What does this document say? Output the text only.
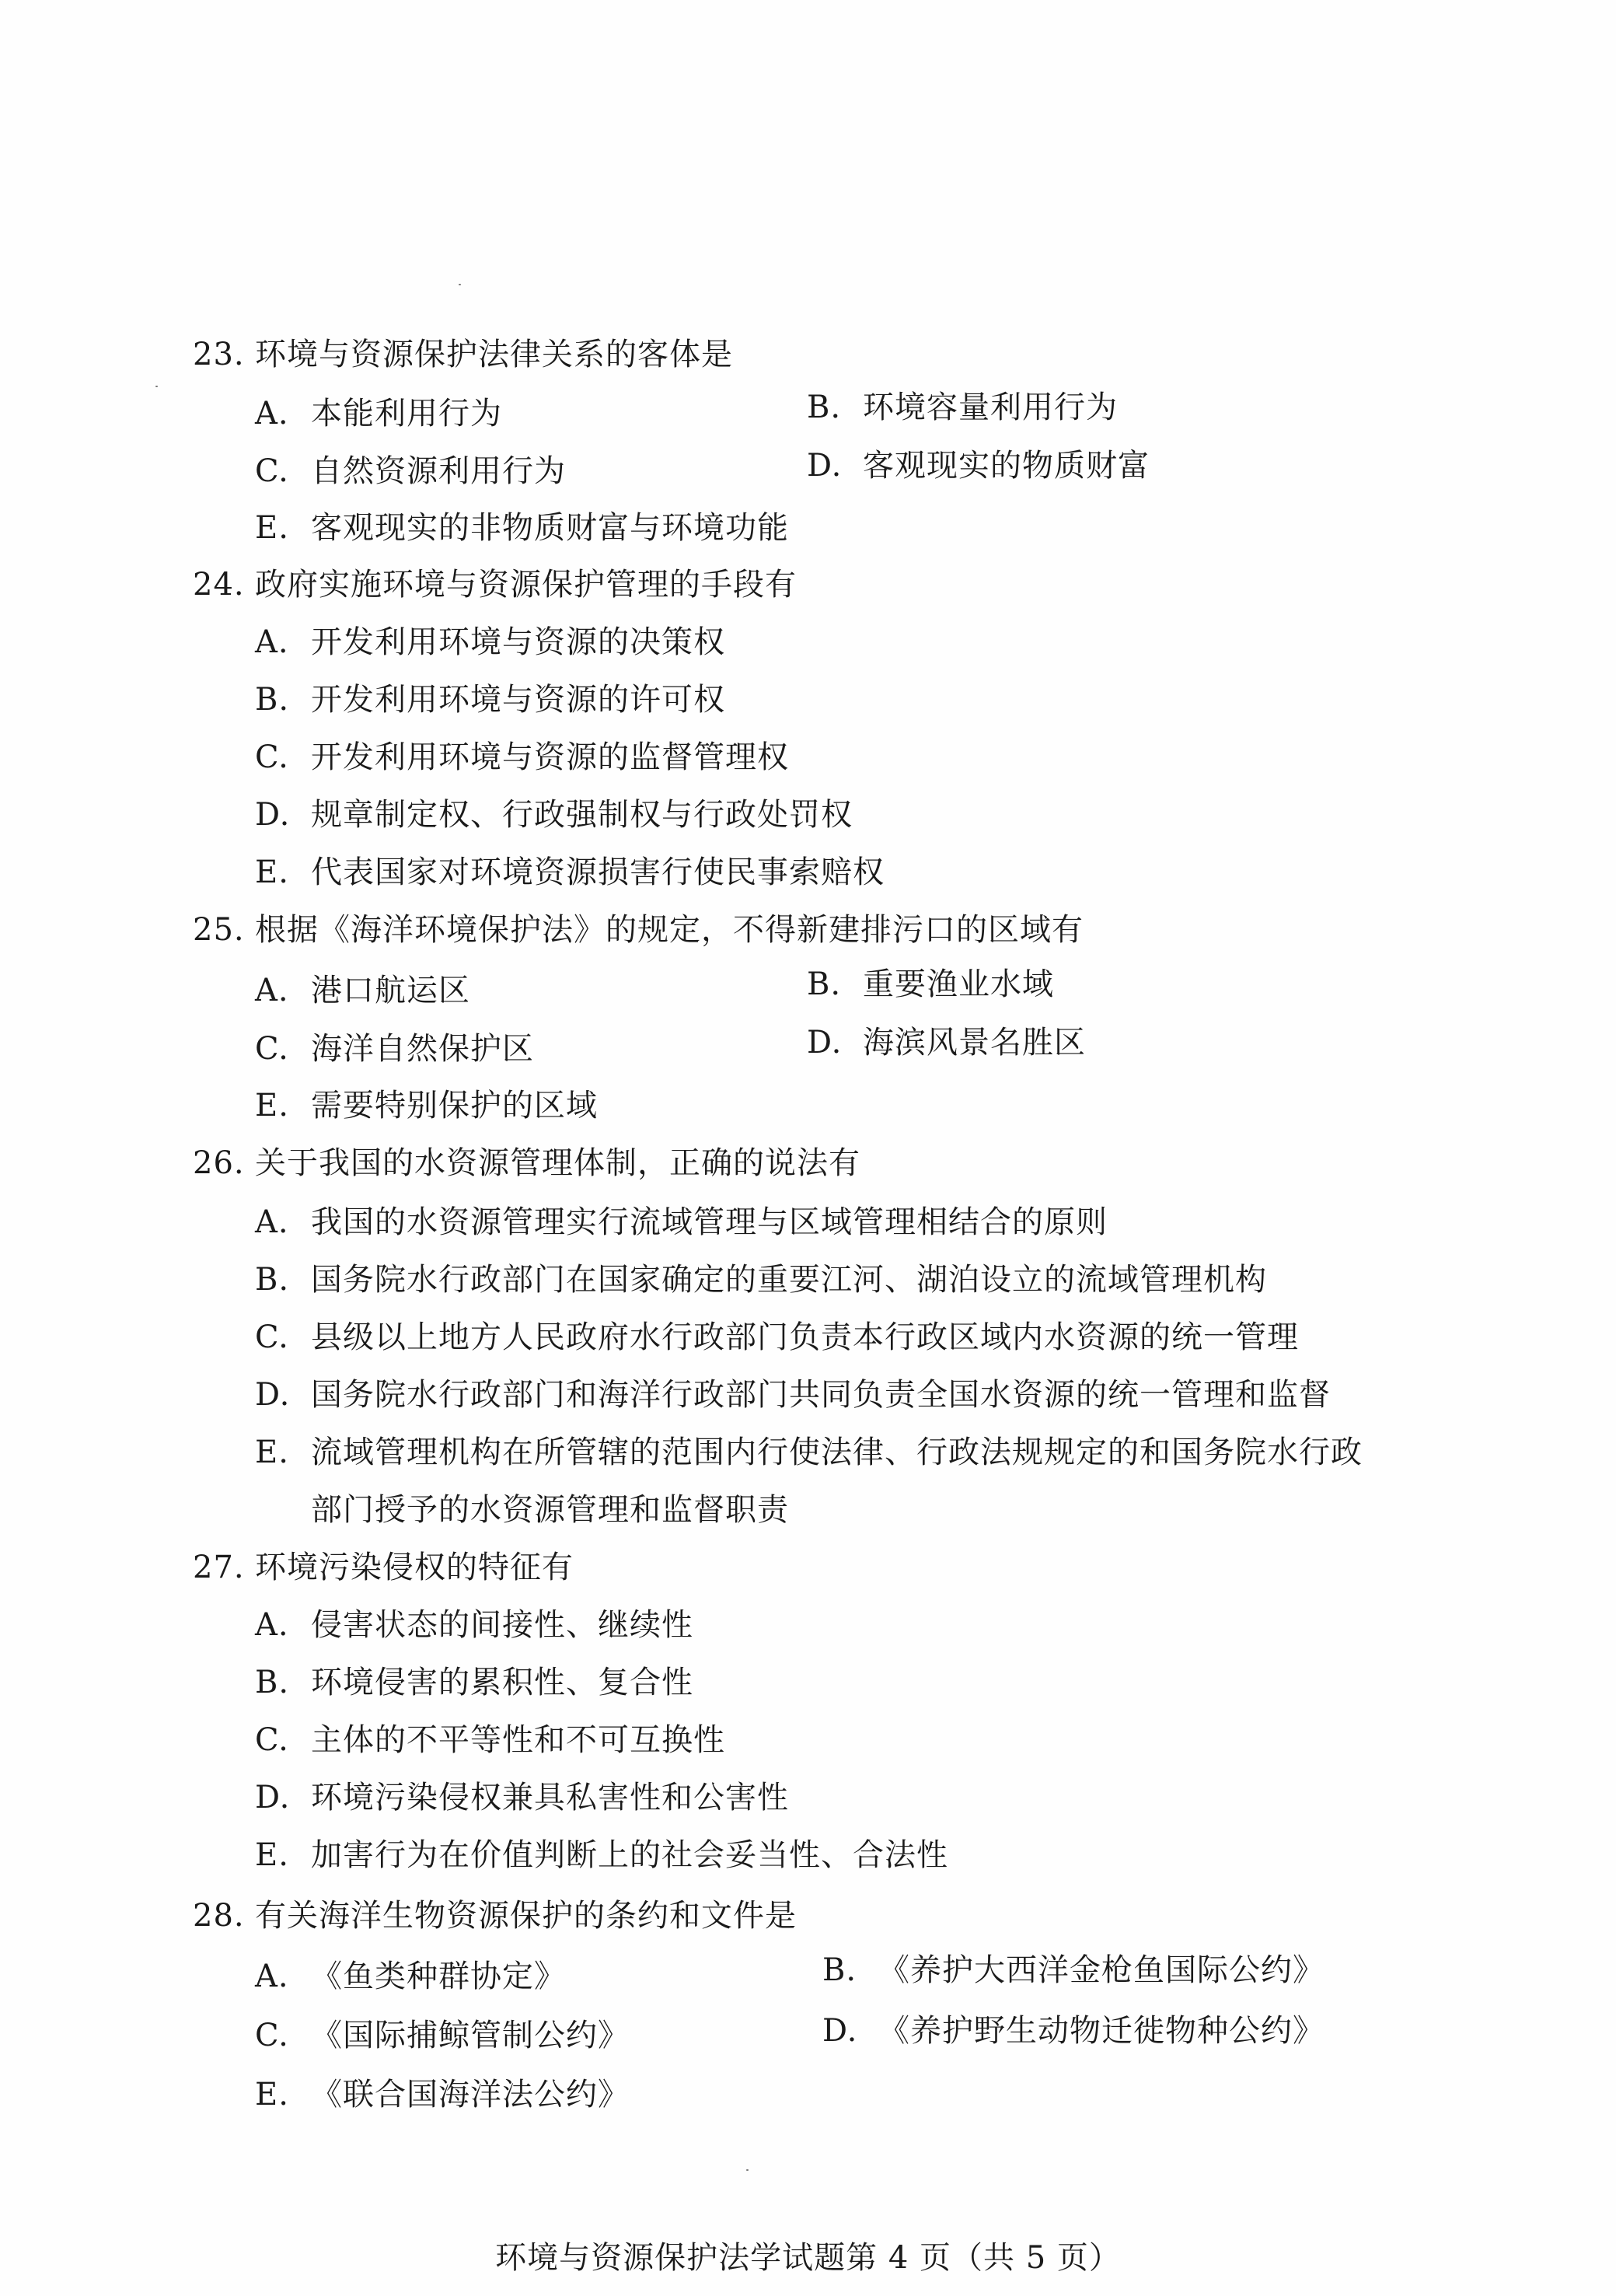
23. 环境与资源保护法律关系的客体是
A. 本能利用行为	B. 环境容量利用行为
C. 自然资源利用行为	D. 客观现实的物质财富
E. 客观现实的非物质财富与环境功能
24. 政府实施环境与资源保护管理的手段有
A. 开发利用环境与资源的决策权
B. 开发利用环境与资源的许可权
C. 开发利用环境与资源的监督管理权
D. 规章制定权、行政强制权与行政处罚权
E. 代表国家对环境资源损害行使民事索赔权
25. 根据《海洋环境保护法》的规定，不得新建排污口的区域有
A. 港口航运区	B. 重要渔业水域
C. 海洋自然保护区	D. 海滨风景名胜区
E. 需要特别保护的区域
26. 关于我国的水资源管理体制，正确的说法有
A. 我国的水资源管理实行流域管理与区域管理相结合的原则
B. 国务院水行政部门在国家确定的重要江河、湖泊设立的流域管理机构
C. 县级以上地方人民政府水行政部门负责本行政区域内水资源的统一管理
D. 国务院水行政部门和海洋行政部门共同负责全国水资源的统一管理和监督
E. 流域管理机构在所管辖的范围内行使法律、行政法规规定的和国务院水行政
部门授予的水资源管理和监督职责
27. 环境污染侵权的特征有
A. 侵害状态的间接性、继续性
B. 环境侵害的累积性、复合性
C. 主体的不平等性和不可互换性
D. 环境污染侵权兼具私害性和公害性
E. 加害行为在价值判断上的社会妥当性、合法性
28. 有关海洋生物资源保护的条约和文件是
A. 《鱼类种群协定》	B. 《养护大西洋金枪鱼国际公约》
C. 《国际捕鲸管制公约》	D. 《养护野生动物迁徙物种公约》
E. 《联合国海洋法公约》
环境与资源保护法学试题第 4 页（共 5 页）
